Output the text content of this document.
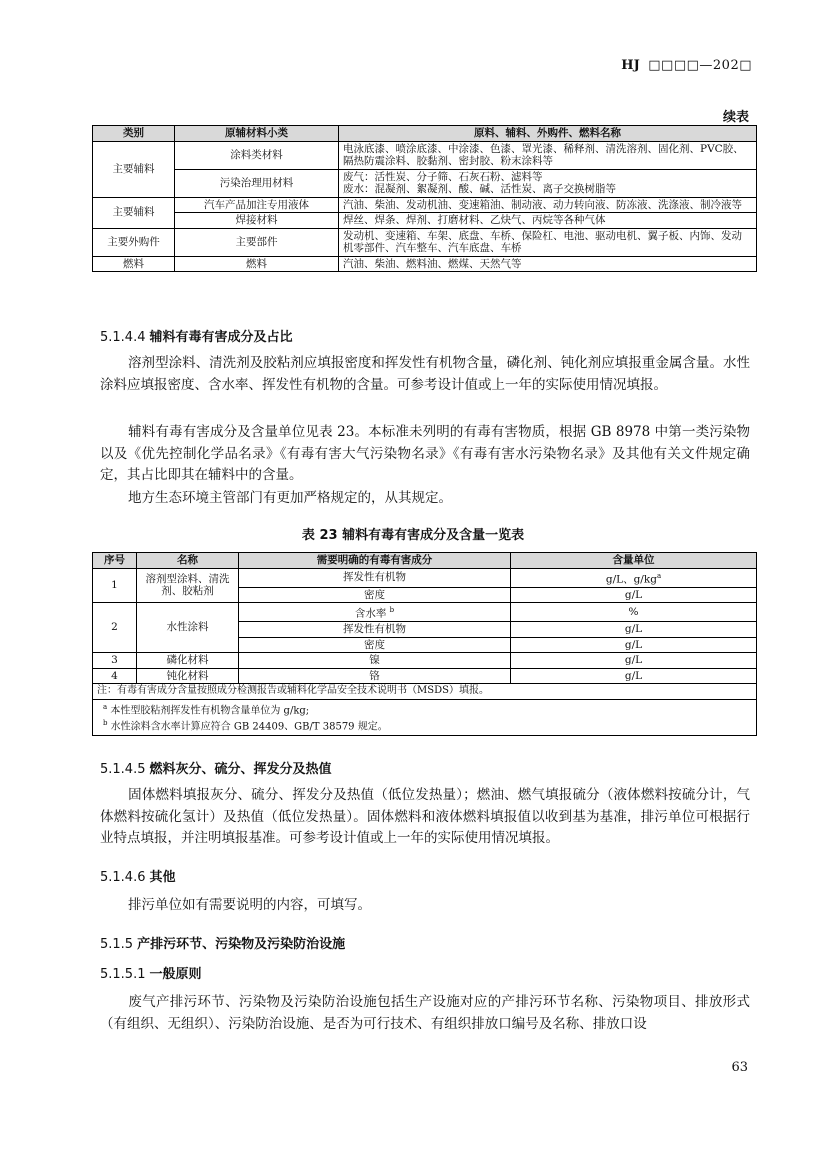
HJ □□□□—202□
续表
类别	原辅材料小类	原料、辅料、外购件、燃料名称
主要辅料	涂料类材料	电泳底漆、喷涂底漆、中涂漆、色漆、罩光漆、稀释剂、清洗溶剂、固化剂、PVC胶、隔热防震涂料、胶黏剂、密封胶、粉末涂料等
	污染治理用材料	废气：活性炭、分子筛、石灰石粉、滤料等
废水：混凝剂、絮凝剂、酸、碱、活性炭、离子交换树脂等
主要辅料	汽车产品加注专用液体	汽油、柴油、发动机油、变速箱油、制动液、动力转向液、防冻液、洗涤液、制冷液等
	焊接材料	焊丝、焊条、焊剂、打磨材料、乙炔气、丙烷等各种气体
主要外购件	主要部件	发动机、变速箱、车架、底盘、车桥、保险杠、电池、驱动电机、翼子板、内饰、发动机零部件、汽车整车、汽车底盘、车桥
燃料	燃料	汽油、柴油、燃料油、燃煤、天然气等
5.1.4.4 辅料有毒有害成分及占比
溶剂型涂料、清洗剂及胶粘剂应填报密度和挥发性有机物含量，磷化剂、钝化剂应填报重金属含量。水性涂料应填报密度、含水率、挥发性有机物的含量。可参考设计值或上一年的实际使用情况填报。
辅料有毒有害成分及含量单位见表 23。本标准未列明的有毒有害物质，根据 GB 8978 中第一类污染物以及《优先控制化学品名录》《有毒有害大气污染物名录》《有毒有害水污染物名录》及其他有关文件规定确定，其占比即其在辅料中的含量。
地方生态环境主管部门有更加严格规定的，从其规定。
表 23 辅料有毒有害成分及含量一览表
序号	名称	需要明确的有毒有害成分	含量单位
1	溶剂型涂料、清洗剂、胶粘剂	挥发性有机物	g/L、$g/kg^a$
		密度	g/L
2	水性涂料	含水率 $^b$	%
		挥发性有机物	g/L
		密度	g/L
3	磷化材料	镍	g/L
4	钝化材料	铬	g/L
注：有毒有害成分含量按照成分检测报告或辅料化学品安全技术说明书（MSDS）填报。			
$^a$ 本性型胶粘剂挥发性有机物含量单位为 g/kg;
$^b$ 水性涂料含水率计算应符合 GB 24409、GB/T 38579 规定。			
5.1.4.5 燃料灰分、硫分、挥发分及热值
固体燃料填报灰分、硫分、挥发分及热值（低位发热量）；燃油、燃气填报硫分（液体燃料按硫分计，气体燃料按硫化氢计）及热值（低位发热量）。固体燃料和液体燃料填报值以收到基为基准，排污单位可根据行业特点填报，并注明填报基准。可参考设计值或上一年的实际使用情况填报。
5.1.4.6 其他
排污单位如有需要说明的内容，可填写。
5.1.5 产排污环节、污染物及污染防治设施
5.1.5.1 一般原则
废气产排污环节、污染物及污染防治设施包括生产设施对应的产排污环节名称、污染物项目、排放形式（有组织、无组织）、污染防治设施、是否为可行技术、有组织排放口编号及名称、排放口设
63
